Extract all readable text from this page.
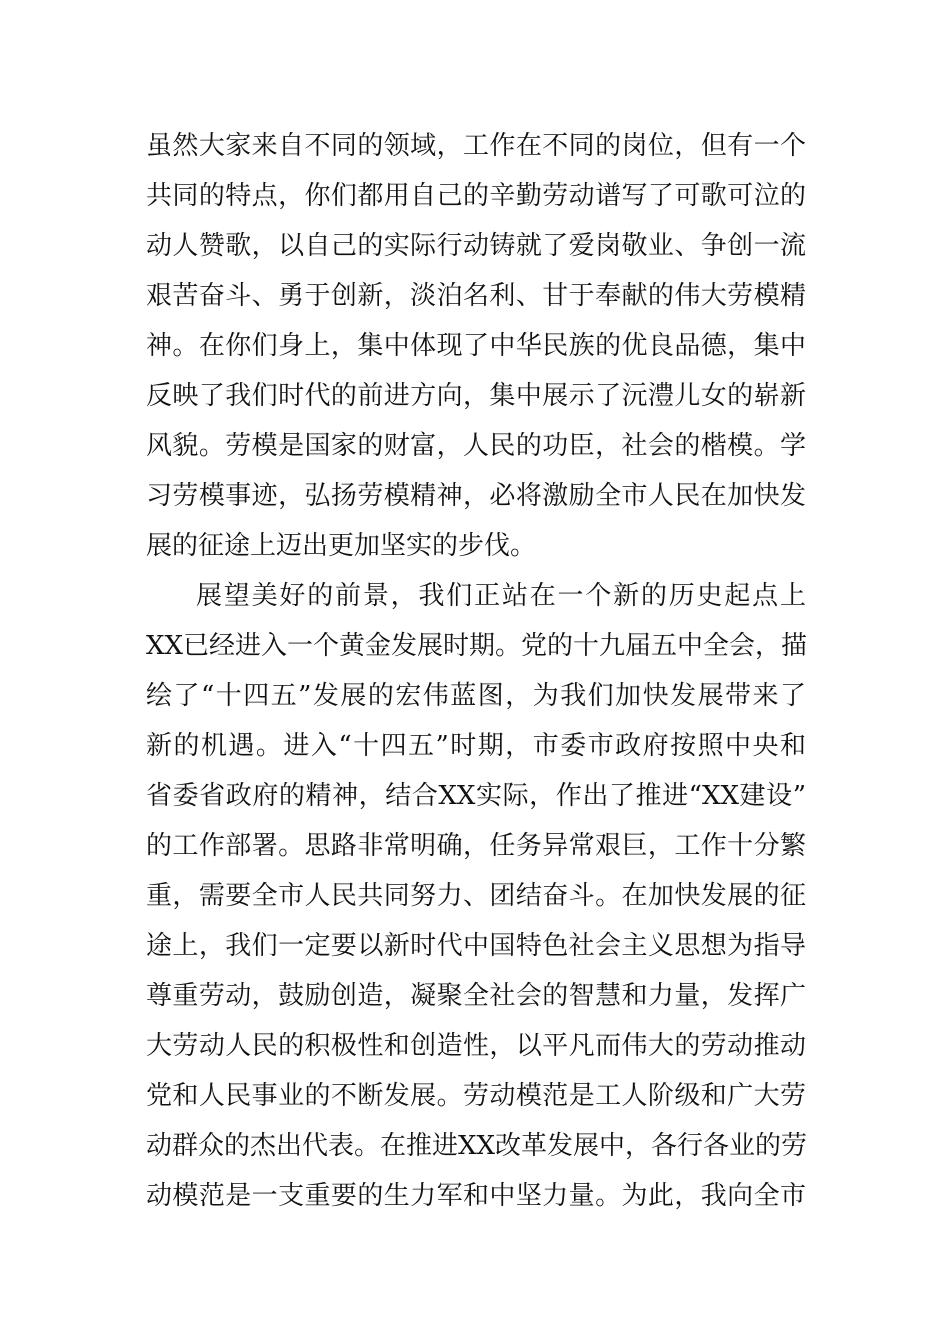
虽然大家来自不同的领域，工作在不同的岗位，但有一个
共同的特点，你们都用自己的辛勤劳动谱写了可歌可泣的
动人赞歌，以自己的实际行动铸就了爱岗敬业、争创一流
艰苦奋斗、勇于创新，淡泊名利、甘于奉献的伟大劳模精
神。在你们身上，集中体现了中华民族的优良品德，集中
反映了我们时代的前进方向，集中展示了沅澧儿女的崭新
风貌。劳模是国家的财富，人民的功臣，社会的楷模。学
习劳模事迹，弘扬劳模精神，必将激励全市人民在加快发
展的征途上迈出更加坚实的步伐。
展望美好的前景，我们正站在一个新的历史起点上
XX已经进入一个黄金发展时期。党的十九届五中全会，描
绘了“十四五”发展的宏伟蓝图，为我们加快发展带来了
新的机遇。进入“十四五”时期，市委市政府按照中央和
省委省政府的精神，结合XX实际，作出了推进“XX建设”
的工作部署。思路非常明确，任务异常艰巨，工作十分繁
重，需要全市人民共同努力、团结奋斗。在加快发展的征
途上，我们一定要以新时代中国特色社会主义思想为指导
尊重劳动，鼓励创造，凝聚全社会的智慧和力量，发挥广
大劳动人民的积极性和创造性，以平凡而伟大的劳动推动
党和人民事业的不断发展。劳动模范是工人阶级和广大劳
动群众的杰出代表。在推进XX改革发展中，各行各业的劳
动模范是一支重要的生力军和中坚力量。为此，我向全市
